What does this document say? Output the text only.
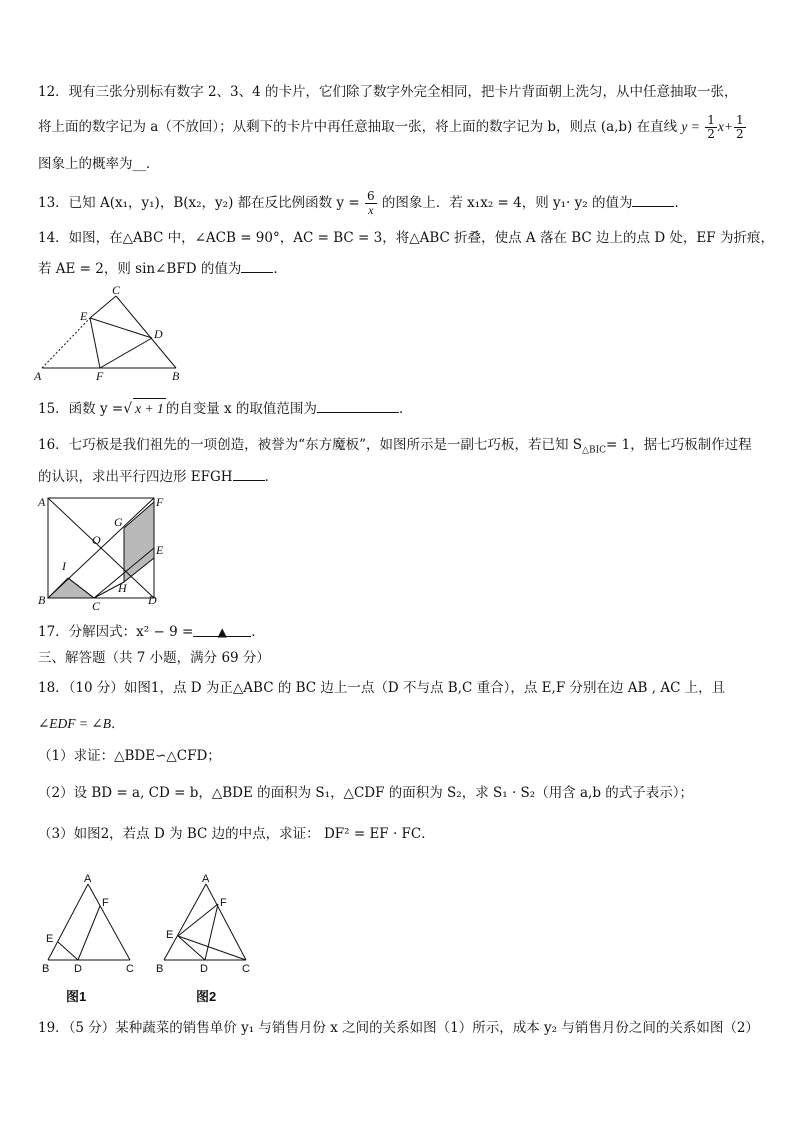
12．现有三张分别标有数字 2、3、4 的卡片，它们除了数字外完全相同，把卡片背面朝上洗匀，从中任意抽取一张，
将上面的数字记为 a（不放回）；从剩下的卡片中再任意抽取一张，将上面的数字记为 b，则点 (a,b) 在直线 $y = \frac{1}{2} x+ \frac{1}{2}$
图象上的概率为__．
13．已知 A(x₁，y₁)，B(x₂，y₂) 都在反比例函数 $y = \frac{6}{x}$ 的图象上．若 x₁x₂ = 4，则 y₁· y₂ 的值为	．
14．如图，在△ABC 中，∠ACB = 90°，AC = BC = 3，将△ABC 折叠，使点 A 落在 BC 边上的点 D 处，EF 为折痕，
若 AE = 2，则 sin∠BFD 的值为 ．
A	B
C
D
E
F
15．函数 y =√ x + 1 的自变量 x 的取值范围为	．
16．七巧板是我们祖先的一项创造，被誉为“东方魔板”，如图所示是一副七巧板，若已知 $S_{\triangle BIC}= 1$，据七巧板制作过程
的认识，求出平行四边形 EFGH ．
A	F
G
O
E
I
H
B	C	D
17．分解因式：x² − 9 = ▲ ．
三、解答题（共 7 小题，满分 69 分）
18．（10 分）如图1，点 D 为正△ABC 的 BC 边上一点（D 不与点 B,C 重合），点 E,F 分别在边 AB , AC 上，且
∠EDF = ∠B．
（1）求证：△BDE∽△CFD；
（2）设 BD = a, CD = b，△BDE 的面积为 S₁，△CDF 的面积为 S₂，求 S₁ · S₂（用含 a,b 的式子表示）；
（3）如图2，若点 D 为 BC 边的中点，求证： DF² = EF · FC．
A
F
E
B D	C
图1
A
F
E
B	D	C
图2
19．（5 分）某种蔬菜的销售单价 y₁ 与销售月份 x 之间的关系如图（1）所示，成本 y₂ 与销售月份之间的关系如图（2）
